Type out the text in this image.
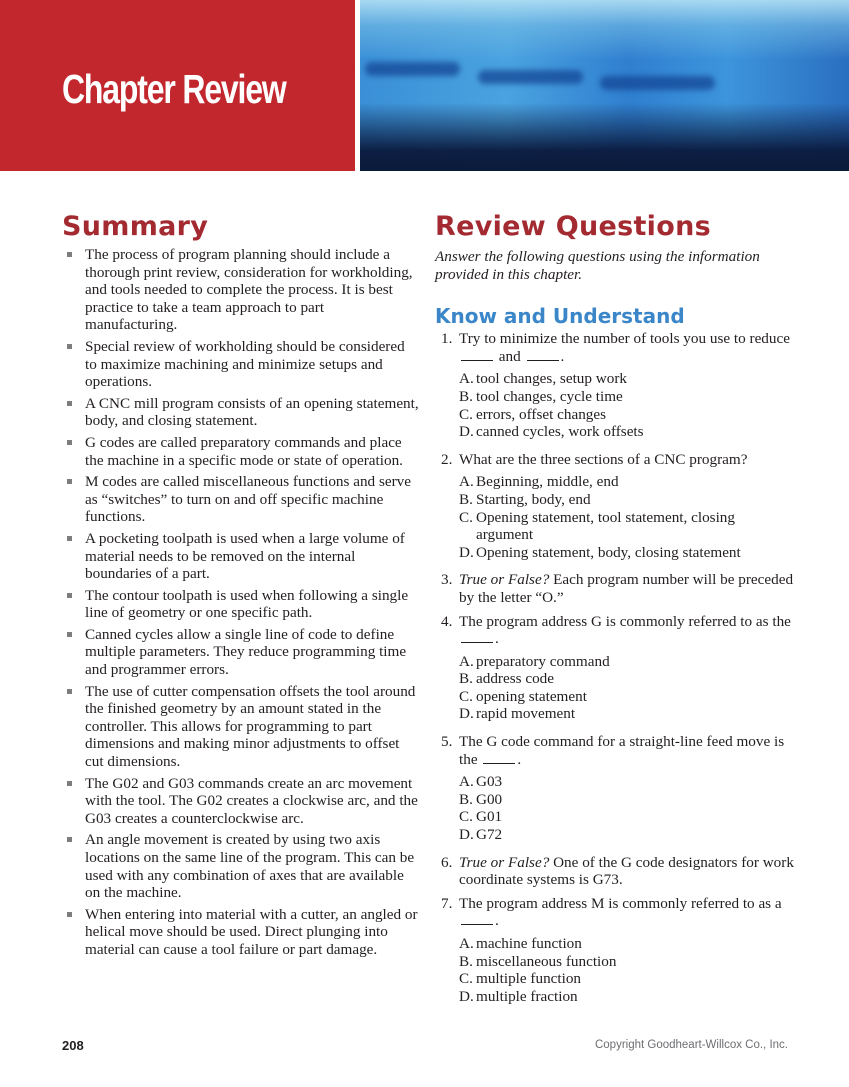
Chapter Review
Summary
The process of program planning should include a thorough print review, consideration for workholding, and tools needed to complete the process. It is best practice to take a team approach to part manufacturing.
Special review of workholding should be considered to maximize machining and minimize setups and operations.
A CNC mill program consists of an opening statement, body, and closing statement.
G codes are called preparatory commands and place the machine in a specific mode or state of operation.
M codes are called miscellaneous functions and serve as “switches” to turn on and off specific machine functions.
A pocketing toolpath is used when a large volume of material needs to be removed on the internal boundaries of a part.
The contour toolpath is used when following a single line of geometry or one specific path.
Canned cycles allow a single line of code to define multiple parameters. They reduce programming time and programmer errors.
The use of cutter compensation offsets the tool around the finished geometry by an amount stated in the controller. This allows for programming to part dimensions and making minor adjustments to offset cut dimensions.
The G02 and G03 commands create an arc movement with the tool. The G02 creates a clockwise arc, and the G03 creates a counterclockwise arc.
An angle movement is created by using two axis locations on the same line of the program. This can be used with any combination of axes that are available on the machine.
When entering into material with a cutter, an angled or helical move should be used. Direct plunging into material can cause a tool failure or part damage.
Review Questions

Answer the following questions using the information provided in this chapter.

Know and Understand
1. Try to minimize the number of tools you use to reduce  and .
A. tool changes, setup work
B. tool changes, cycle time
C. errors, offset changes
D. canned cycles, work offsets
2. What are the three sections of a CNC program?
A. Beginning, middle, end
B. Starting, body, end
C. Opening statement, tool statement, closing argument
D. Opening statement, body, closing statement
3. True or False? Each program number will be preceded by the letter “O.”
4. The program address G is commonly referred to as the .
A. preparatory command
B. address code
C. opening statement
D. rapid movement
5. The G code command for a straight-line feed move is the .
A. G03
B. G00
C. G01
D. G72
6. True or False? One of the G code designators for work coordinate systems is G73.
7. The program address M is commonly referred to as a .
A. machine function
B. miscellaneous function
C. multiple function
D. multiple fraction
208	Copyright Goodheart-Willcox Co., Inc.
